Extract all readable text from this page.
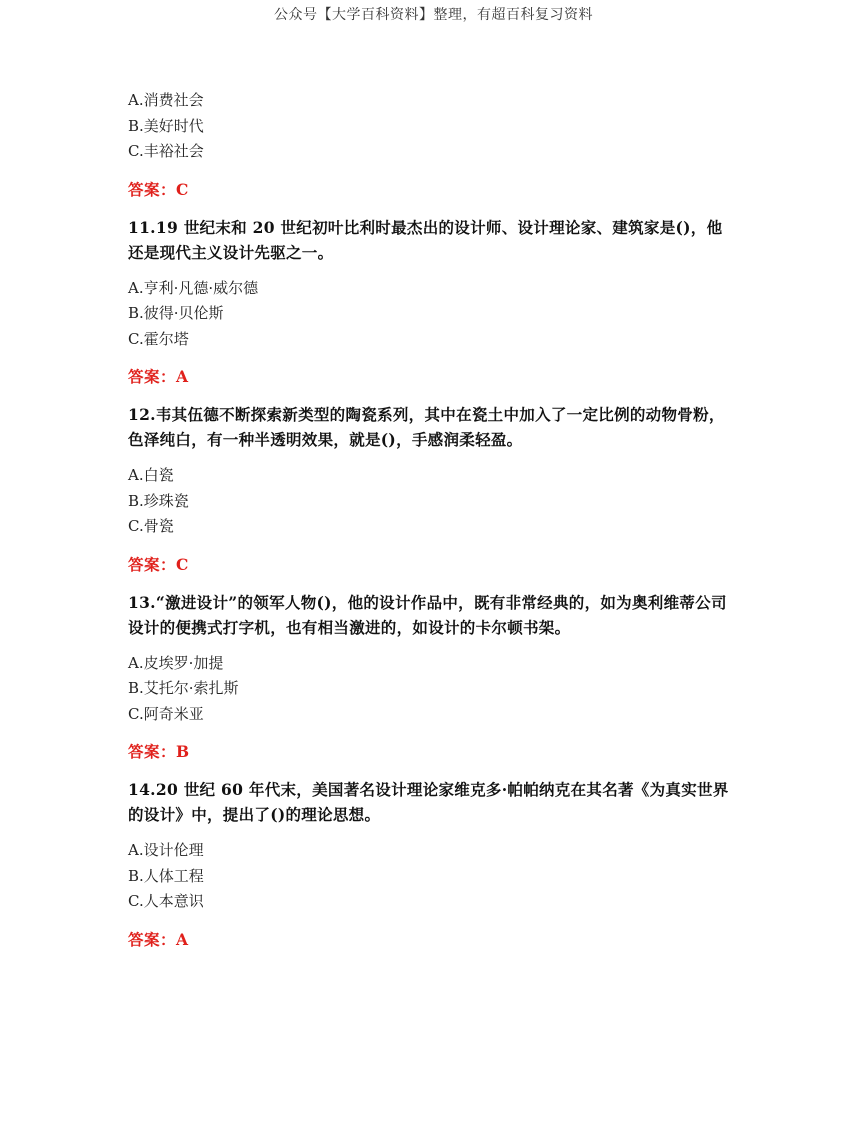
公众号【大学百科资料】整理，有超百科复习资料
A.消费社会
B.美好时代
C.丰裕社会
答案：C
11.19 世纪末和 20 世纪初叶比利时最杰出的设计师、设计理论家、建筑家是()，他还是现代主义设计先驱之一。
A.亨利·凡德·威尔德
B.彼得·贝伦斯
C.霍尔塔
答案：A
12.韦其伍德不断探索新类型的陶瓷系列，其中在瓷土中加入了一定比例的动物骨粉，色泽纯白，有一种半透明效果，就是()，手感润柔轻盈。
A.白瓷
B.珍珠瓷
C.骨瓷
答案：C
13.“激进设计”的领军人物()，他的设计作品中，既有非常经典的，如为奥利维蒂公司设计的便携式打字机，也有相当激进的，如设计的卡尔顿书架。
A.皮埃罗·加提
B.艾托尔·索扎斯
C.阿奇米亚
答案：B
14.20 世纪 60 年代末，美国著名设计理论家维克多·帕帕纳克在其名著《为真实世界的设计》中，提出了()的理论思想。
A.设计伦理
B.人体工程
C.人本意识
答案：A
